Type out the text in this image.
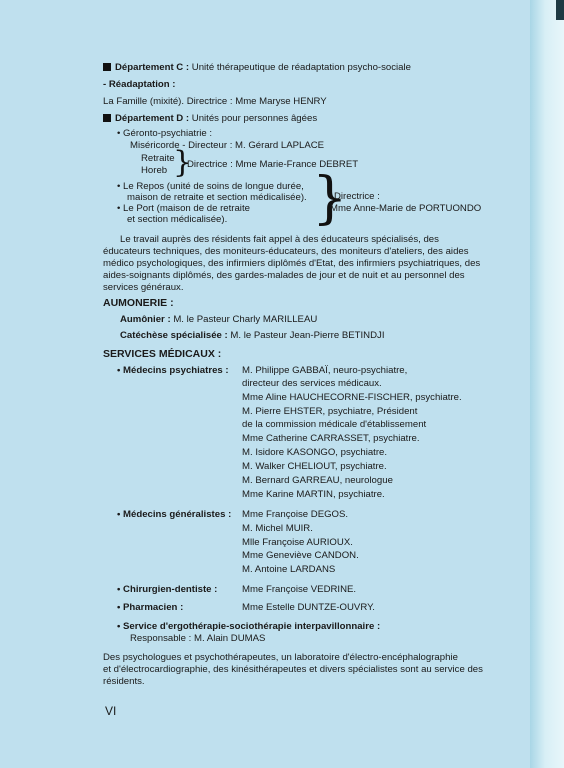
Département C : Unité thérapeutique de réadaptation psycho-sociale
- Réadaptation :
La Famille (mixité). Directrice : Mme Maryse HENRY
Département D : Unités pour personnes âgées
• Géronto-psychiatrie :
Miséricorde - Directeur : M. Gérard LAPLACE
Retraite
Horeb }
Directrice : Mme Marie-France DEBRET
• Le Repos (unité de soins de longue durée,
maison de retraite et section médicalisée).
• Le Port (maison de de retraite
et section médicalisée). }
Directrice :
Mme Anne-Marie de PORTUONDO
Le travail auprès des résidents fait appel à des éducateurs spécialisés, des
éducateurs techniques, des moniteurs-éducateurs, des moniteurs d'ateliers, des aides
médico psychologiques, des infirmiers diplômés d'Etat, des infirmiers psychiatriques, des
aides-soignants diplômés, des gardes-malades de jour et de nuit et au personnel des
services généraux.
AUMONERIE :
Aumônier : M. le Pasteur Charly MARILLEAU
Catéchèse spécialisée : M. le Pasteur Jean-Pierre BETINDJI
SERVICES MÉDICAUX :
• Médecins psychiatres : M. Philippe GABBAÏ, neuro-psychiatre,
directeur des services médicaux.
Mme Aline HAUCHECORNE-FISCHER, psychiatre.
M. Pierre EHSTER, psychiatre, Président
de la commission médicale d'établissement
Mme Catherine CARRASSET, psychiatre.
M. Isidore KASONGO, psychiatre.
M. Walker CHELIOUT, psychiatre.
M. Bernard GARREAU, neurologue
Mme Karine MARTIN, psychiatre.
• Médecins généralistes : Mme Françoise DEGOS.
M. Michel MUIR.
Mlle Françoise AURIOUX.
Mme Geneviève CANDON.
M. Antoine LARDANS
• Chirurgien-dentiste :	Mme Françoise VEDRINE.
• Pharmacien :	Mme Estelle DUNTZE-OUVRY.
• Service d'ergothérapie-sociothérapie interpavillonnaire :
Responsable : M. Alain DUMAS
Des psychologues et psychothérapeutes, un laboratoire d'électro-encéphalographie
et d'électrocardiographie, des kinésithérapeutes et divers spécialistes sont au service des
résidents.
VI
